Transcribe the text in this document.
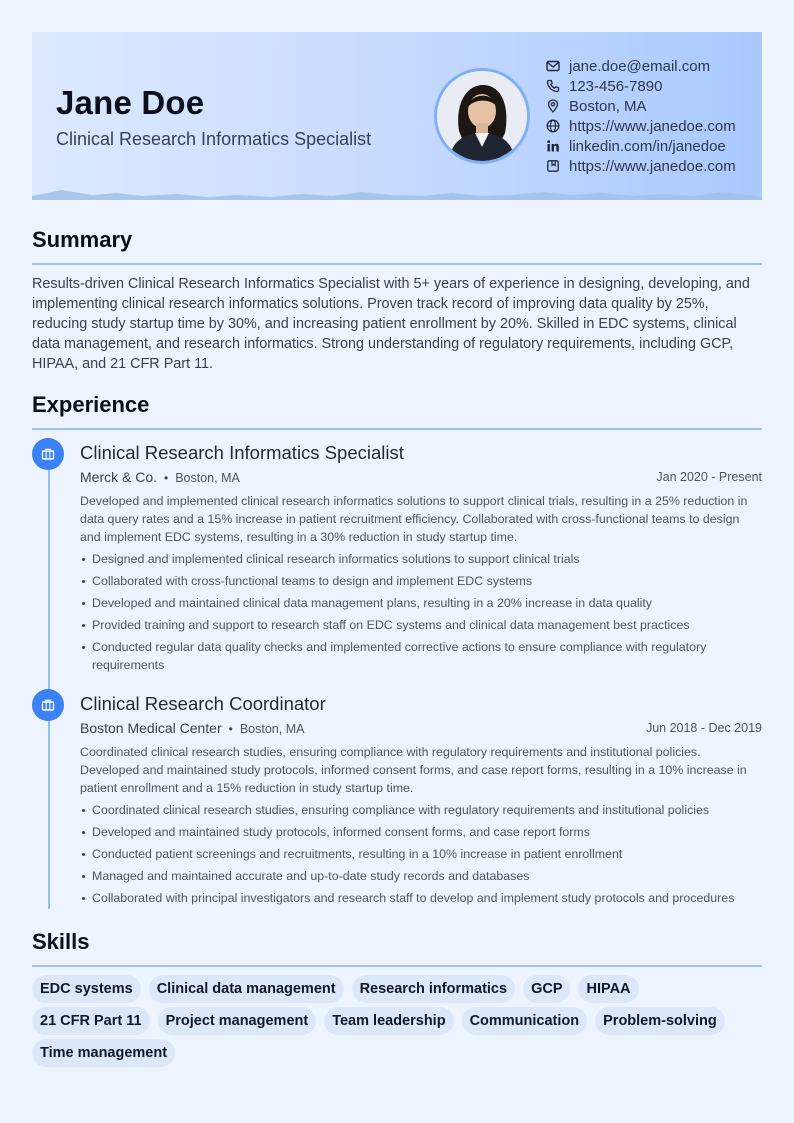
Jane Doe
Clinical Research Informatics Specialist
jane.doe@email.com
123-456-7890
Boston, MA
https://www.janedoe.com
linkedin.com/in/janedoe
https://www.janedoe.com
Summary
Results-driven Clinical Research Informatics Specialist with 5+ years of experience in designing, developing, and implementing clinical research informatics solutions. Proven track record of improving data quality by 25%, reducing study startup time by 30%, and increasing patient enrollment by 20%. Skilled in EDC systems, clinical data management, and research informatics. Strong understanding of regulatory requirements, including GCP, HIPAA, and 21 CFR Part 11.
Experience
Clinical Research Informatics Specialist
Merck & Co. • Boston, MA	Jan 2020 - Present
Developed and implemented clinical research informatics solutions to support clinical trials, resulting in a 25% reduction in data query rates and a 15% increase in patient recruitment efficiency. Collaborated with cross-functional teams to design and implement EDC systems, resulting in a 30% reduction in study startup time.
Designed and implemented clinical research informatics solutions to support clinical trials
Collaborated with cross-functional teams to design and implement EDC systems
Developed and maintained clinical data management plans, resulting in a 20% increase in data quality
Provided training and support to research staff on EDC systems and clinical data management best practices
Conducted regular data quality checks and implemented corrective actions to ensure compliance with regulatory requirements
Clinical Research Coordinator
Boston Medical Center • Boston, MA	Jun 2018 - Dec 2019
Coordinated clinical research studies, ensuring compliance with regulatory requirements and institutional policies. Developed and maintained study protocols, informed consent forms, and case report forms, resulting in a 10% increase in patient enrollment and a 15% reduction in study startup time.
Coordinated clinical research studies, ensuring compliance with regulatory requirements and institutional policies
Developed and maintained study protocols, informed consent forms, and case report forms
Conducted patient screenings and recruitments, resulting in a 10% increase in patient enrollment
Managed and maintained accurate and up-to-date study records and databases
Collaborated with principal investigators and research staff to develop and implement study protocols and procedures
Skills
EDC systems	Clinical data management	Research informatics	GCP	HIPAA
21 CFR Part 11	Project management	Team leadership	Communication	Problem-solving
Time management
